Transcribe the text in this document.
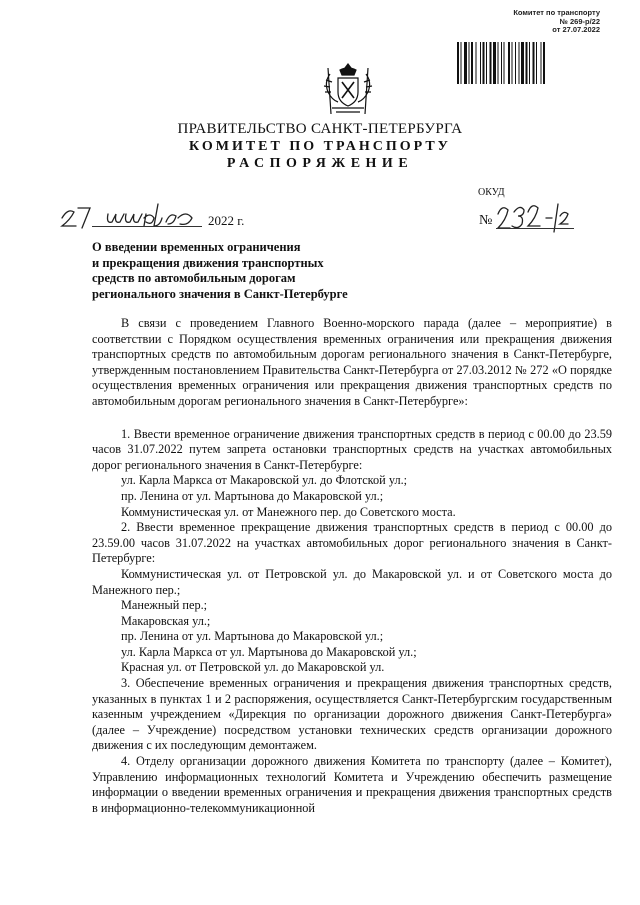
Комитет по транспорту
№ 269-р/22
от 27.07.2022
ПРАВИТЕЛЬСТВО САНКТ-ПЕТЕРБУРГА
КОМИТЕТ ПО ТРАНСПОРТУ
РАСПОРЯЖЕНИЕ
ОКУД
2022 г.	№
О введении временных ограничения
и прекращения движения транспортных
средств по автомобильным дорогам
регионального значения в Санкт-Петербурге

В связи с проведением Главного Военно-морского парада (далее – мероприятие) в соответствии с Порядком осуществления временных ограничения или прекращения движения транспортных средств по автомобильным дорогам регионального значения в Санкт-Петербурге, утвержденным постановлением Правительства Санкт-Петербурга от 27.03.2012 № 272 «О порядке осуществления временных ограничения или прекращения движения транспортных средств по автомобильным дорогам регионального значения в Санкт-Петербурге»:

1. Ввести временное ограничение движения транспортных средств в период с 00.00 до 23.59 часов 31.07.2022 путем запрета остановки транспортных средств на участках автомобильных дорог регионального значения в Санкт-Петербурге:

ул. Карла Маркса от Макаровской ул. до Флотской ул.;

пр. Ленина от ул. Мартынова до Макаровской ул.;

Коммунистическая ул. от Манежного пер. до Советского моста.

2. Ввести временное прекращение движения транспортных средств в период с 00.00 до 23.59.00 часов 31.07.2022 на участках автомобильных дорог регионального значения в Санкт-Петербурге:

Коммунистическая ул. от Петровской ул. до Макаровской ул. и от Советского моста до Манежного пер.;

Манежный пер.;

Макаровская ул.;

пр. Ленина от ул. Мартынова до Макаровской ул.;

ул. Карла Маркса от ул. Мартынова до Макаровской ул.;

Красная ул. от Петровской ул. до Макаровской ул.

3. Обеспечение временных ограничения и прекращения движения транспортных средств, указанных в пунктах 1 и 2 распоряжения, осуществляется Санкт-Петербургским государственным казенным учреждением «Дирекция по организации дорожного движения Санкт-Петербурга» (далее – Учреждение) посредством установки технических средств организации дорожного движения с их последующим демонтажем.

4. Отделу организации дорожного движения Комитета по транспорту (далее – Комитет), Управлению информационных технологий Комитета и Учреждению обеспечить размещение информации о введении временных ограничения и прекращения движения транспортных средств в информационно-телекоммуникационной
